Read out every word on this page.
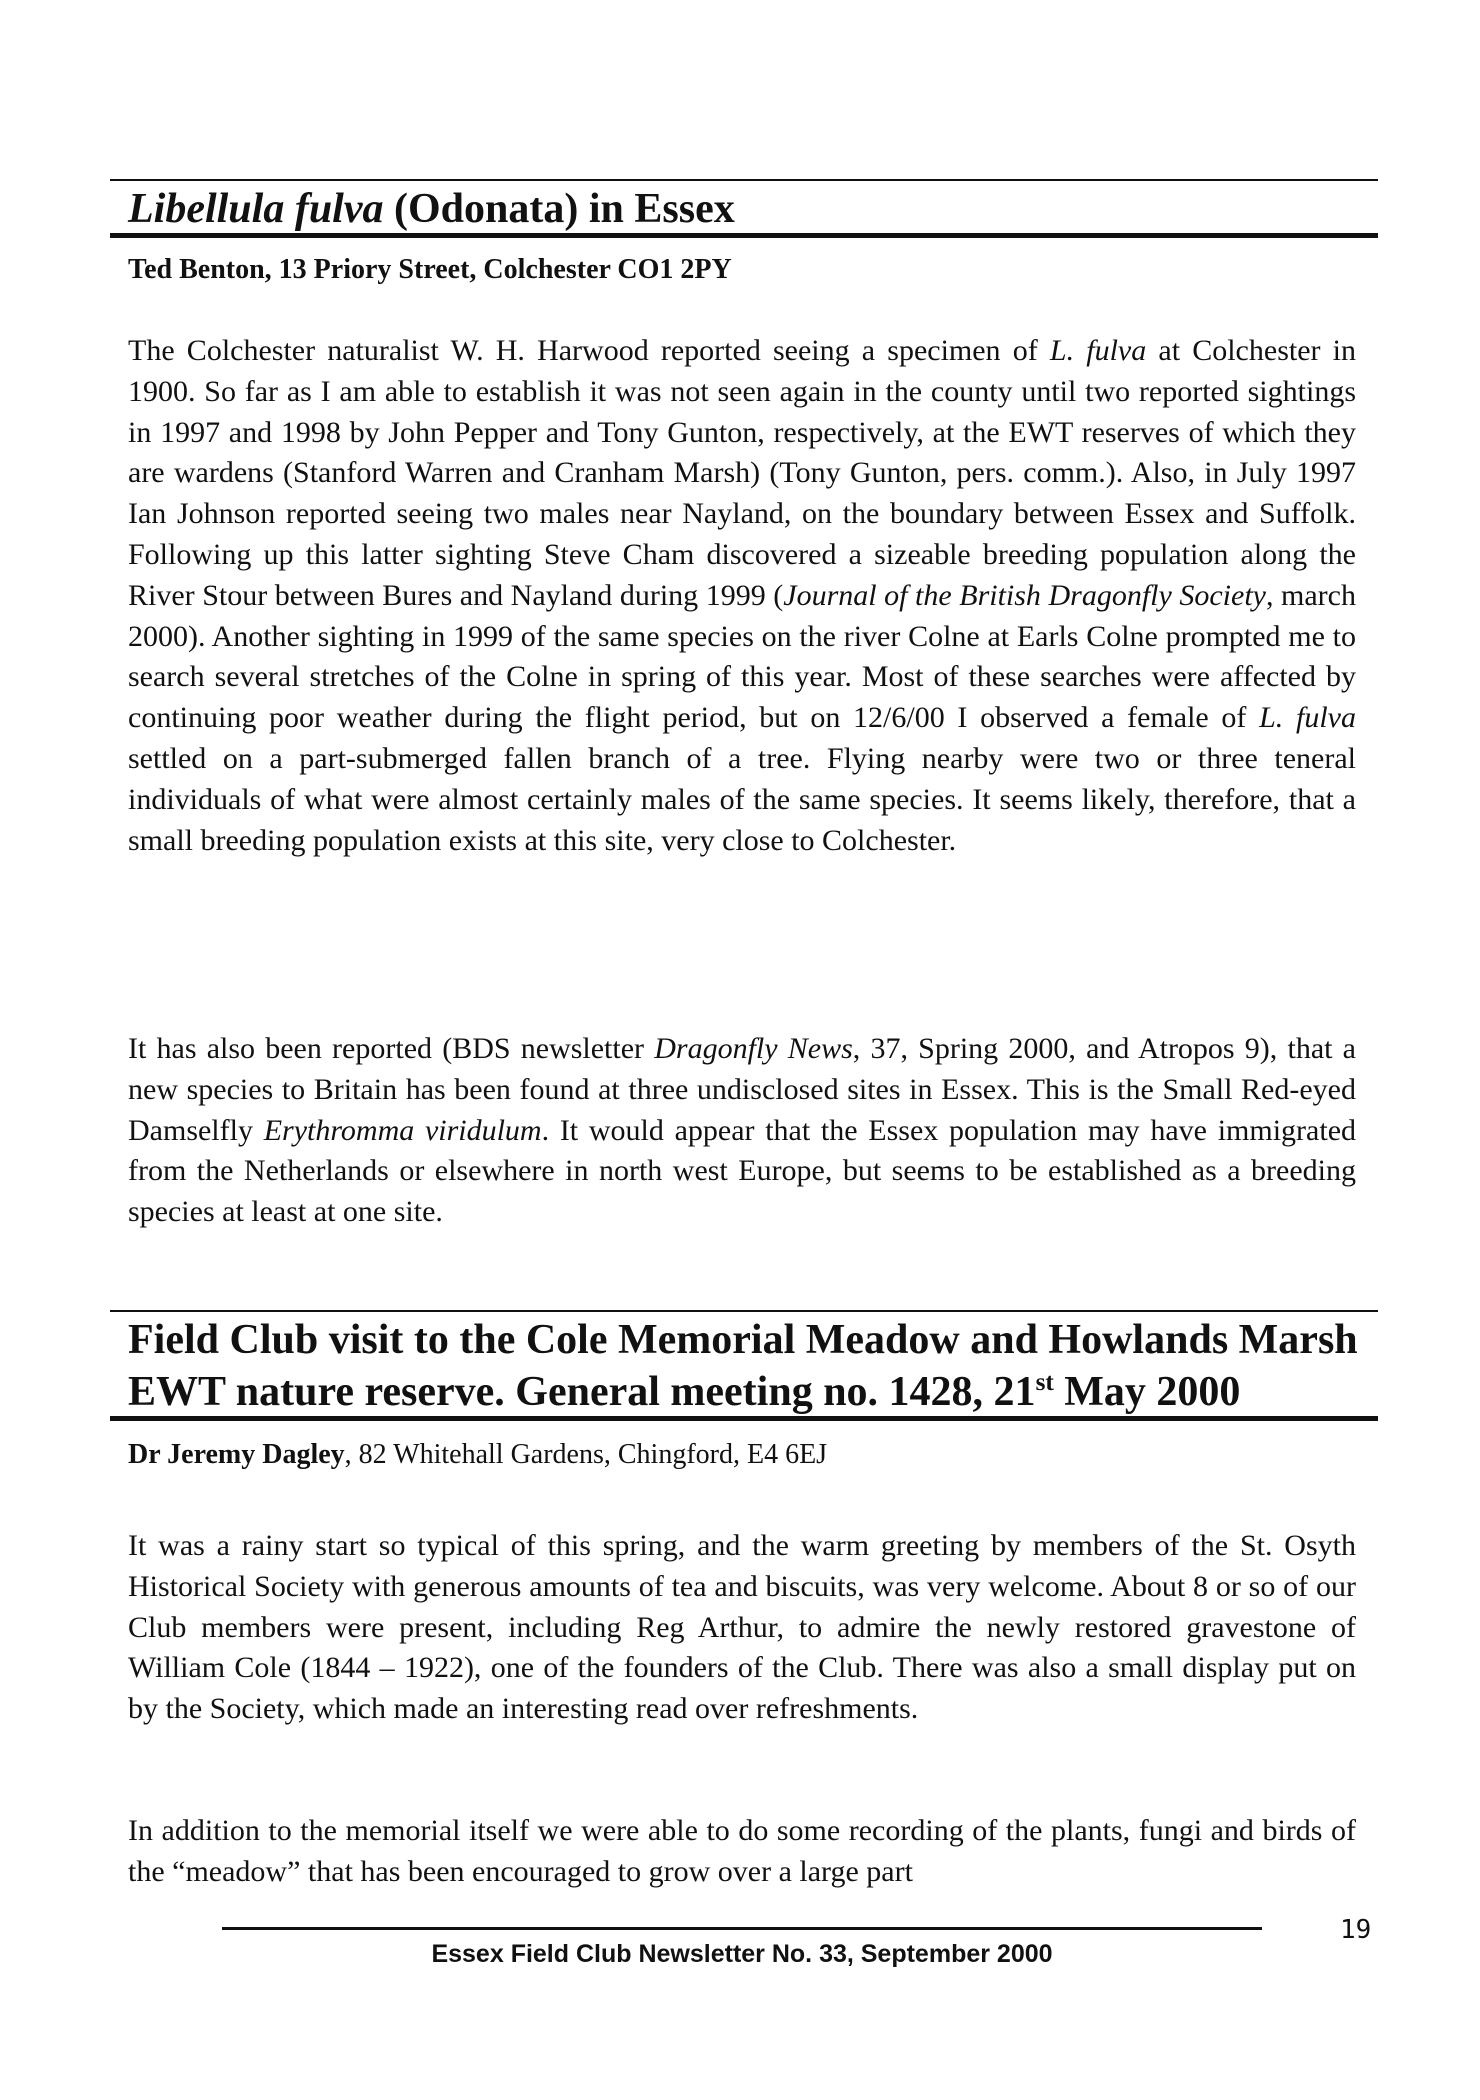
Libellula fulva (Odonata) in Essex

Ted Benton, 13 Priory Street, Colchester CO1 2PY

The Colchester naturalist W. H. Harwood reported seeing a specimen of L. fulva at Colchester in 1900. So far as I am able to establish it was not seen again in the county until two reported sightings in 1997 and 1998 by John Pepper and Tony Gunton, respectively, at the EWT reserves of which they are wardens (Stanford Warren and Cranham Marsh) (Tony Gunton, pers. comm.). Also, in July 1997 Ian Johnson reported seeing two males near Nayland, on the boundary between Essex and Suffolk. Following up this latter sighting Steve Cham discovered a sizeable breeding population along the River Stour between Bures and Nayland during 1999 (Journal of the British Dragonfly Society, march 2000). Another sighting in 1999 of the same species on the river Colne at Earls Colne prompted me to search several stretches of the Colne in spring of this year. Most of these searches were affected by continuing poor weather during the flight period, but on 12/6/00 I observed a female of L. fulva settled on a part-submerged fallen branch of a tree. Flying nearby were two or three teneral individuals of what were almost certainly males of the same species. It seems likely, therefore, that a small breeding population exists at this site, very close to Colchester.

It has also been reported (BDS newsletter Dragonfly News, 37, Spring 2000, and Atropos 9), that a new species to Britain has been found at three undisclosed sites in Essex. This is the Small Red-eyed Damselfly Erythromma viridulum. It would appear that the Essex population may have immigrated from the Netherlands or elsewhere in north west Europe, but seems to be established as a breeding species at least at one site.

Field Club visit to the Cole Memorial Meadow and Howlands Marsh
EWT nature reserve. General meeting no. 1428, 21st May 2000

Dr Jeremy Dagley, 82 Whitehall Gardens, Chingford, E4 6EJ

It was a rainy start so typical of this spring, and the warm greeting by members of the St. Osyth Historical Society with generous amounts of tea and biscuits, was very welcome. About 8 or so of our Club members were present, including Reg Arthur, to admire the newly restored gravestone of William Cole (1844 – 1922), one of the founders of the Club. There was also a small display put on by the Society, which made an interesting read over refreshments.

In addition to the memorial itself we were able to do some recording of the plants, fungi and birds of the “meadow” that has been encouraged to grow over a large part

Essex Field Club Newsletter No. 33, September 2000
19
